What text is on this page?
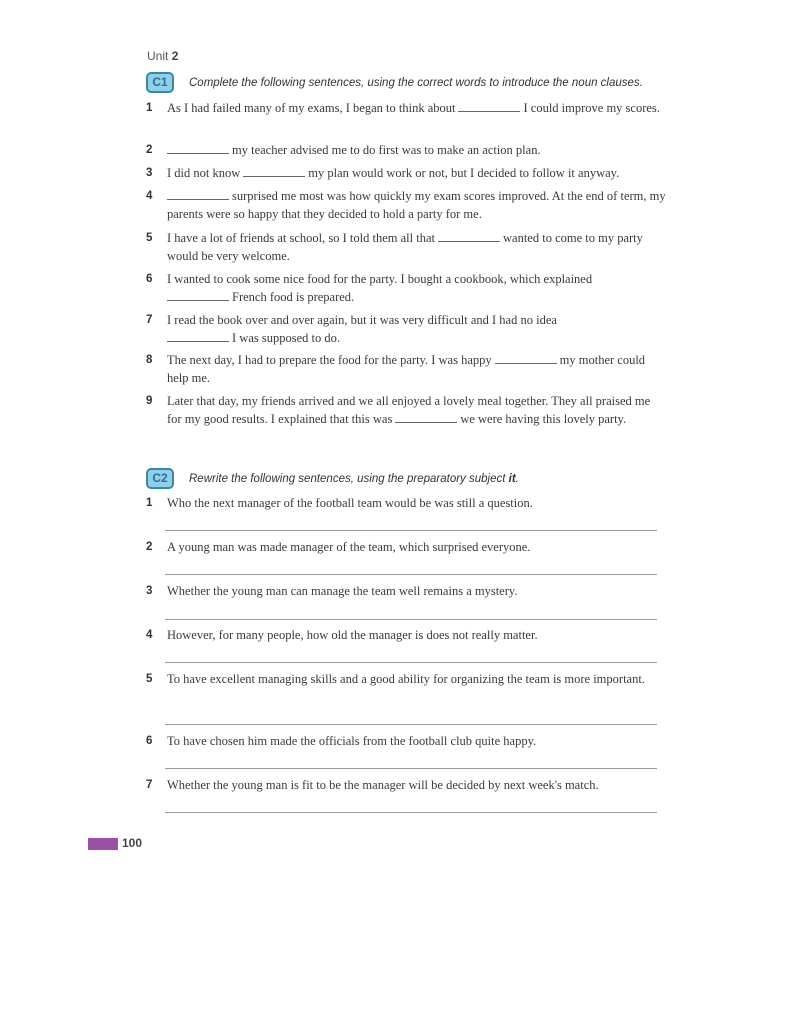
Unit 2
C1	Complete the following sentences, using the correct words to introduce the noun clauses.
1	As I had failed many of my exams, I began to think about	I could improve my scores.
2	my teacher advised me to do first was to make an action plan.
3	I did not know	my plan would work or not, but I decided to follow it anyway.
4	surprised me most was how quickly my exam scores improved. At the end of term, my parents were so happy that they decided to hold a party for me.
5	I have a lot of friends at school, so I told them all that	wanted to come to my party would be very welcome.
6	I wanted to cook some nice food for the party. I bought a cookbook, which explained
French food is prepared.
7	I read the book over and over again, but it was very difficult and I had no idea
I was supposed to do.
8	The next day, I had to prepare the food for the party. I was happy	my mother could help me.
9	Later that day, my friends arrived and we all enjoyed a lovely meal together. They all praised me for my good results. I explained that this was	we were having this lovely party.
C2	Rewrite the following sentences, using the preparatory subject it.
1	Who the next manager of the football team would be was still a question.
2	A young man was made manager of the team, which surprised everyone.
3	Whether the young man can manage the team well remains a mystery.
4	However, for many people, how old the manager is does not really matter.
5	To have excellent managing skills and a good ability for organizing the team is more important.
6	To have chosen him made the officials from the football club quite happy.
7	Whether the young man is fit to be the manager will be decided by next week's match.
100
